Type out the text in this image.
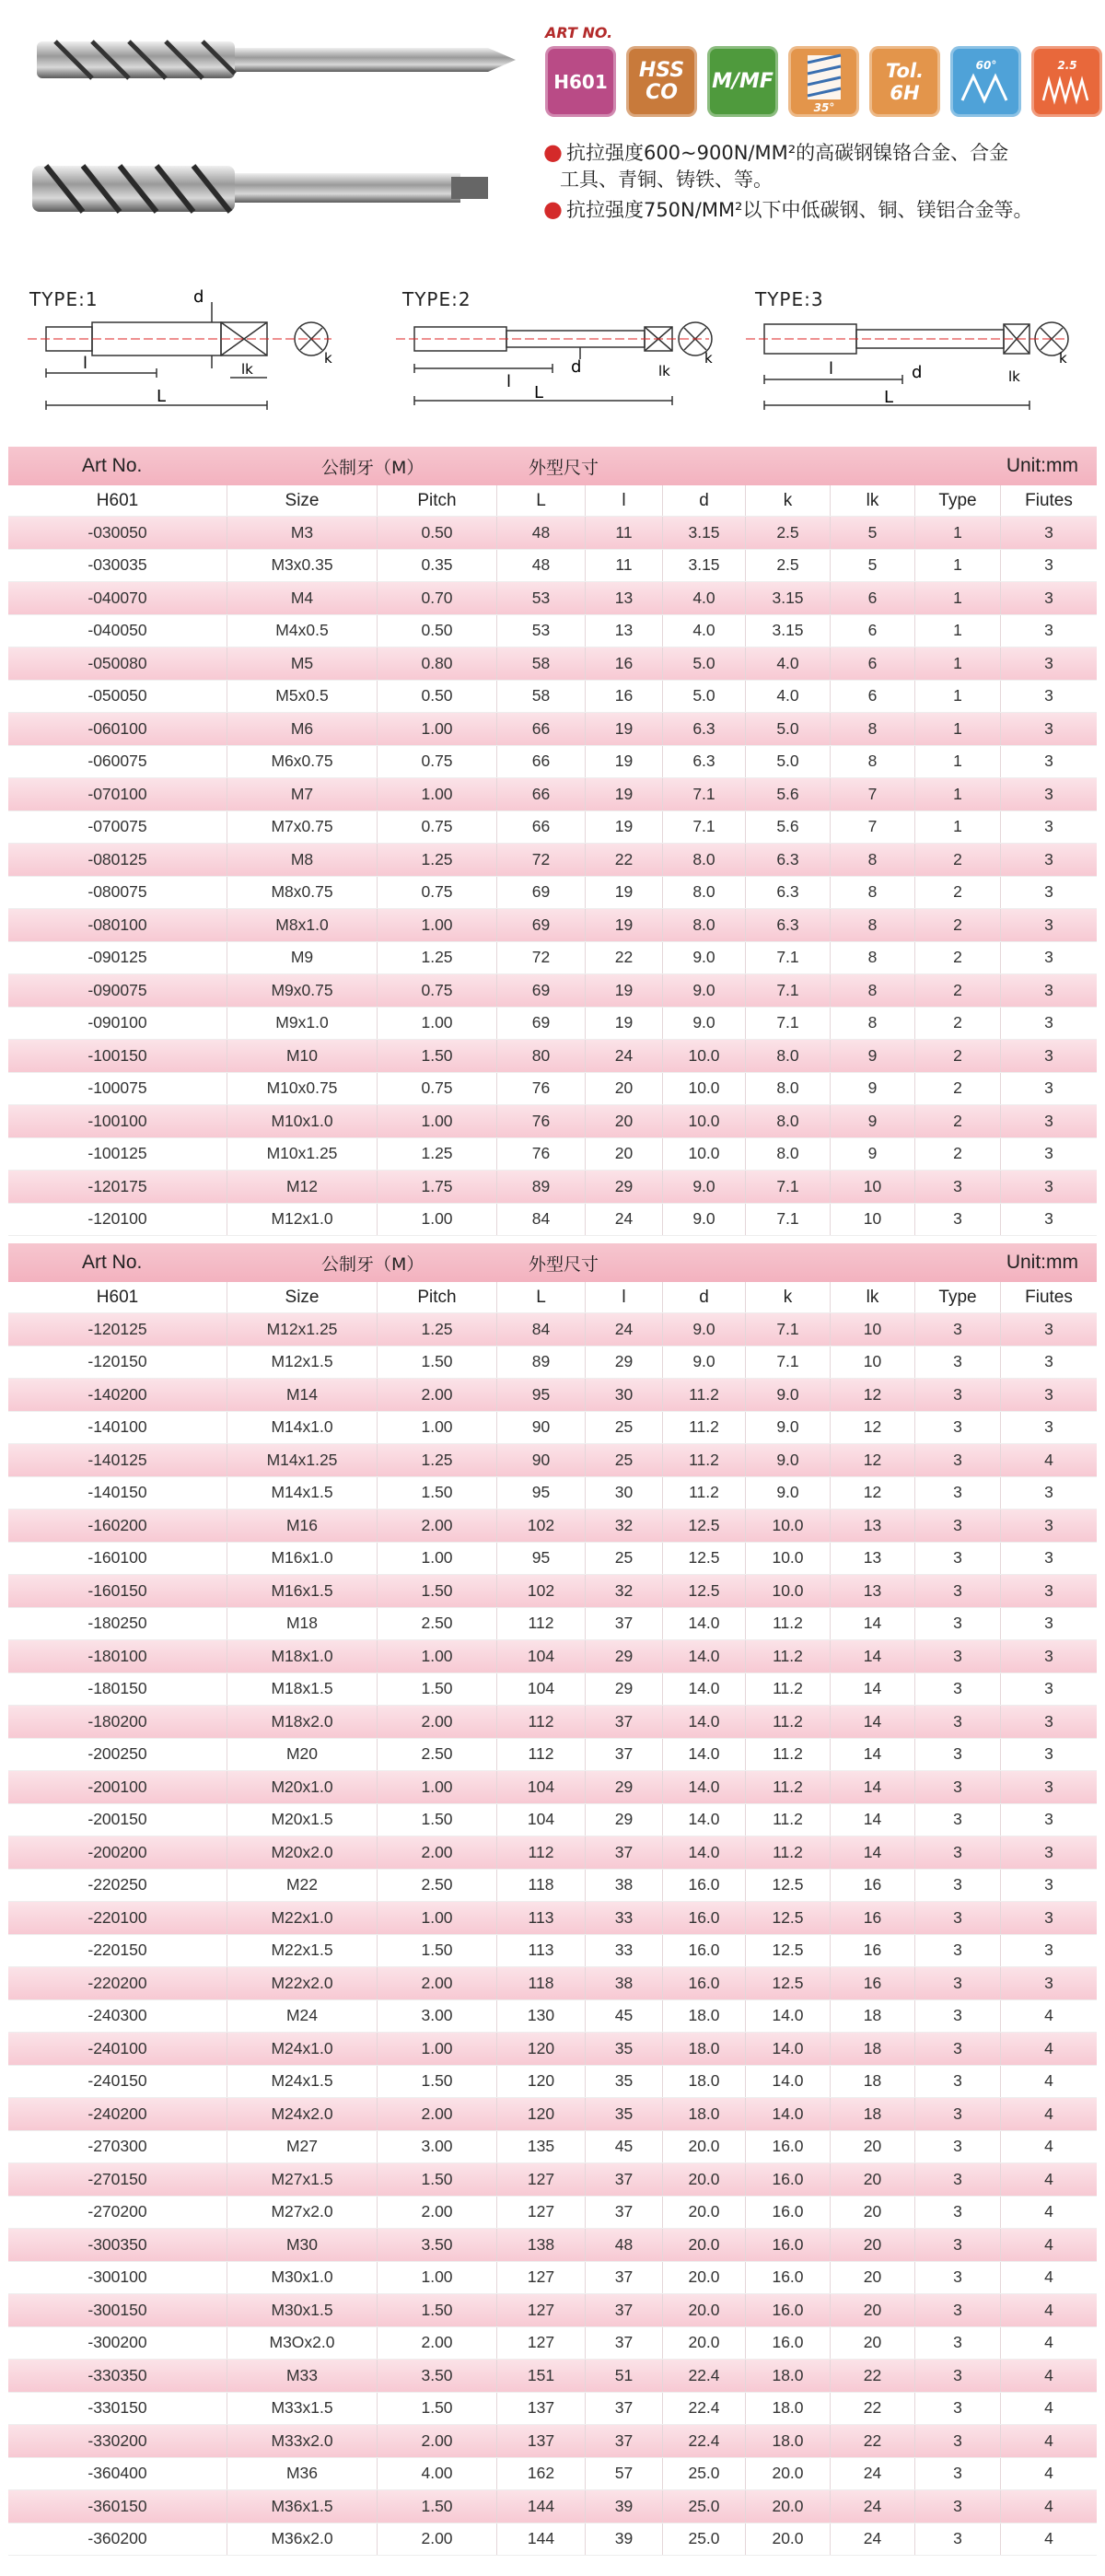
ART NO.
H601	HSS
CO	M/MF
35°
Tol.
6H
60°	2.5
● 抗拉强度600~900N/MM²的高碳钢镍铬合金、合金
工具、青铜、铸铁、等。
● 抗拉强度750N/MM²以下中低碳钢、铜、镁铝合金等。
TYPE:1	TYPE:2	TYPE:3
d
l	lk
L
k	d
l
lk
L
k
d
l	lk
L
k
Art No.	公制牙（M）	外型尺寸	Unit:mm
H601	Size	Pitch	L	l	d	k	lk	Type	Fiutes
-030050	M3	0.50	48	11	3.15	2.5	5	1	3
-030035	M3x0.35	0.35	48	11	3.15	2.5	5	1	3
-040070	M4	0.70	53	13	4.0	3.15	6	1	3
-040050	M4x0.5	0.50	53	13	4.0	3.15	6	1	3
-050080	M5	0.80	58	16	5.0	4.0	6	1	3
-050050	M5x0.5	0.50	58	16	5.0	4.0	6	1	3
-060100	M6	1.00	66	19	6.3	5.0	8	1	3
-060075	M6x0.75	0.75	66	19	6.3	5.0	8	1	3
-070100	M7	1.00	66	19	7.1	5.6	7	1	3
-070075	M7x0.75	0.75	66	19	7.1	5.6	7	1	3
-080125	M8	1.25	72	22	8.0	6.3	8	2	3
-080075	M8x0.75	0.75	69	19	8.0	6.3	8	2	3
-080100	M8x1.0	1.00	69	19	8.0	6.3	8	2	3
-090125	M9	1.25	72	22	9.0	7.1	8	2	3
-090075	M9x0.75	0.75	69	19	9.0	7.1	8	2	3
-090100	M9x1.0	1.00	69	19	9.0	7.1	8	2	3
-100150	M10	1.50	80	24	10.0	8.0	9	2	3
-100075	M10x0.75	0.75	76	20	10.0	8.0	9	2	3
-100100	M10x1.0	1.00	76	20	10.0	8.0	9	2	3
-100125	M10x1.25	1.25	76	20	10.0	8.0	9	2	3
-120175	M12	1.75	89	29	9.0	7.1	10	3	3
-120100	M12x1.0	1.00	84	24	9.0	7.1	10	3	3
Art No.	公制牙（M）	外型尺寸	Unit:mm
H601	Size	Pitch	L	l	d	k	lk	Type	Fiutes
-120125	M12x1.25	1.25	84	24	9.0	7.1	10	3	3
-120150	M12x1.5	1.50	89	29	9.0	7.1	10	3	3
-140200	M14	2.00	95	30	11.2	9.0	12	3	3
-140100	M14x1.0	1.00	90	25	11.2	9.0	12	3	3
-140125	M14x1.25	1.25	90	25	11.2	9.0	12	3	4
-140150	M14x1.5	1.50	95	30	11.2	9.0	12	3	3
-160200	M16	2.00	102	32	12.5	10.0	13	3	3
-160100	M16x1.0	1.00	95	25	12.5	10.0	13	3	3
-160150	M16x1.5	1.50	102	32	12.5	10.0	13	3	3
-180250	M18	2.50	112	37	14.0	11.2	14	3	3
-180100	M18x1.0	1.00	104	29	14.0	11.2	14	3	3
-180150	M18x1.5	1.50	104	29	14.0	11.2	14	3	3
-180200	M18x2.0	2.00	112	37	14.0	11.2	14	3	3
-200250	M20	2.50	112	37	14.0	11.2	14	3	3
-200100	M20x1.0	1.00	104	29	14.0	11.2	14	3	3
-200150	M20x1.5	1.50	104	29	14.0	11.2	14	3	3
-200200	M20x2.0	2.00	112	37	14.0	11.2	14	3	3
-220250	M22	2.50	118	38	16.0	12.5	16	3	3
-220100	M22x1.0	1.00	113	33	16.0	12.5	16	3	3
-220150	M22x1.5	1.50	113	33	16.0	12.5	16	3	3
-220200	M22x2.0	2.00	118	38	16.0	12.5	16	3	3
-240300	M24	3.00	130	45	18.0	14.0	18	3	4
-240100	M24x1.0	1.00	120	35	18.0	14.0	18	3	4
-240150	M24x1.5	1.50	120	35	18.0	14.0	18	3	4
-240200	M24x2.0	2.00	120	35	18.0	14.0	18	3	4
-270300	M27	3.00	135	45	20.0	16.0	20	3	4
-270150	M27x1.5	1.50	127	37	20.0	16.0	20	3	4
-270200	M27x2.0	2.00	127	37	20.0	16.0	20	3	4
-300350	M30	3.50	138	48	20.0	16.0	20	3	4
-300100	M30x1.0	1.00	127	37	20.0	16.0	20	3	4
-300150	M30x1.5	1.50	127	37	20.0	16.0	20	3	4
-300200	M3Ox2.0	2.00	127	37	20.0	16.0	20	3	4
-330350	M33	3.50	151	51	22.4	18.0	22	3	4
-330150	M33x1.5	1.50	137	37	22.4	18.0	22	3	4
-330200	M33x2.0	2.00	137	37	22.4	18.0	22	3	4
-360400	M36	4.00	162	57	25.0	20.0	24	3	4
-360150	M36x1.5	1.50	144	39	25.0	20.0	24	3	4
-360200	M36x2.0	2.00	144	39	25.0	20.0	24	3	4
